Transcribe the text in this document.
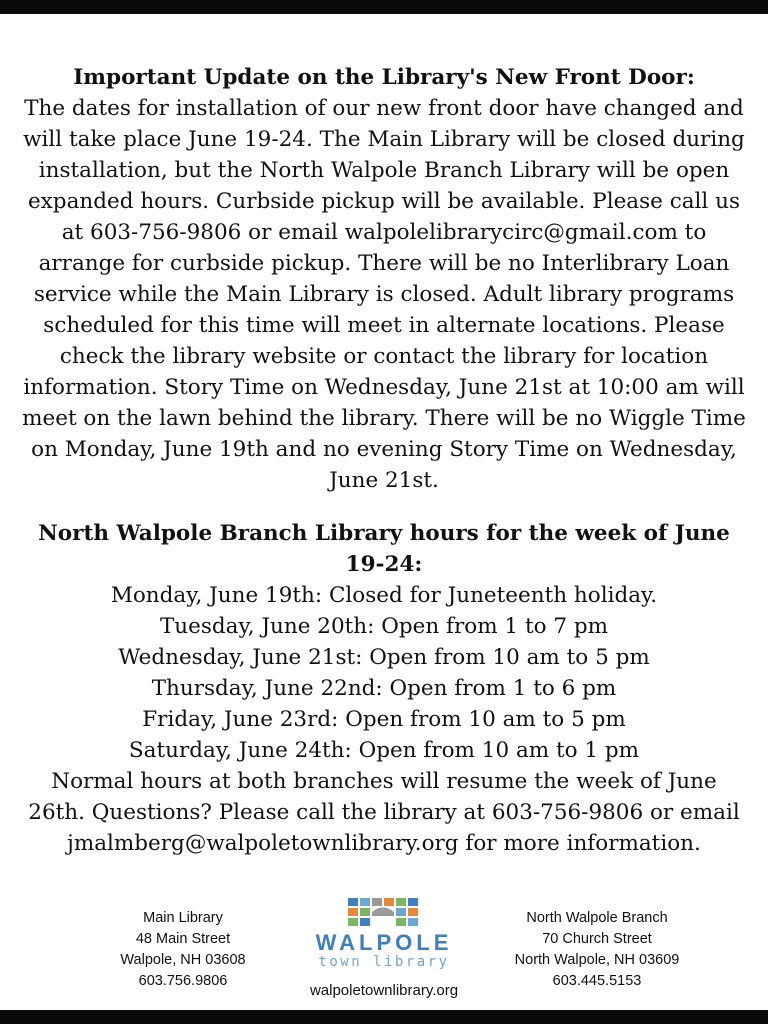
Important Update on the Library's New Front Door:
The dates for installation of our new front door have changed and will take place June 19-24. The Main Library will be closed during installation, but the North Walpole Branch Library will be open expanded hours. Curbside pickup will be available. Please call us at 603-756-9806 or email walpolelibrarycirc@gmail.com to arrange for curbside pickup. There will be no Interlibrary Loan service while the Main Library is closed. Adult library programs scheduled for this time will meet in alternate locations. Please check the library website or contact the library for location information. Story Time on Wednesday, June 21st at 10:00 am will meet on the lawn behind the library. There will be no Wiggle Time on Monday, June 19th and no evening Story Time on Wednesday, June 21st.
North Walpole Branch Library hours for the week of June 19-24:
Monday, June 19th: Closed for Juneteenth holiday.
Tuesday, June 20th: Open from 1 to 7 pm
Wednesday, June 21st: Open from 10 am to 5 pm
Thursday, June 22nd: Open from 1 to 6 pm
Friday, June 23rd: Open from 10 am to 5 pm
Saturday, June 24th: Open from 10 am to 1 pm
Normal hours at both branches will resume the week of June 26th. Questions? Please call the library at 603-756-9806 or email jmalmberg@walpoletownlibrary.org for more information.
Main Library
48 Main Street
Walpole, NH 03608
603.756.9806
WALPOLE
town library
walpoletownlibrary.org
North Walpole Branch
70 Church Street
North Walpole, NH 03609
603.445.5153
